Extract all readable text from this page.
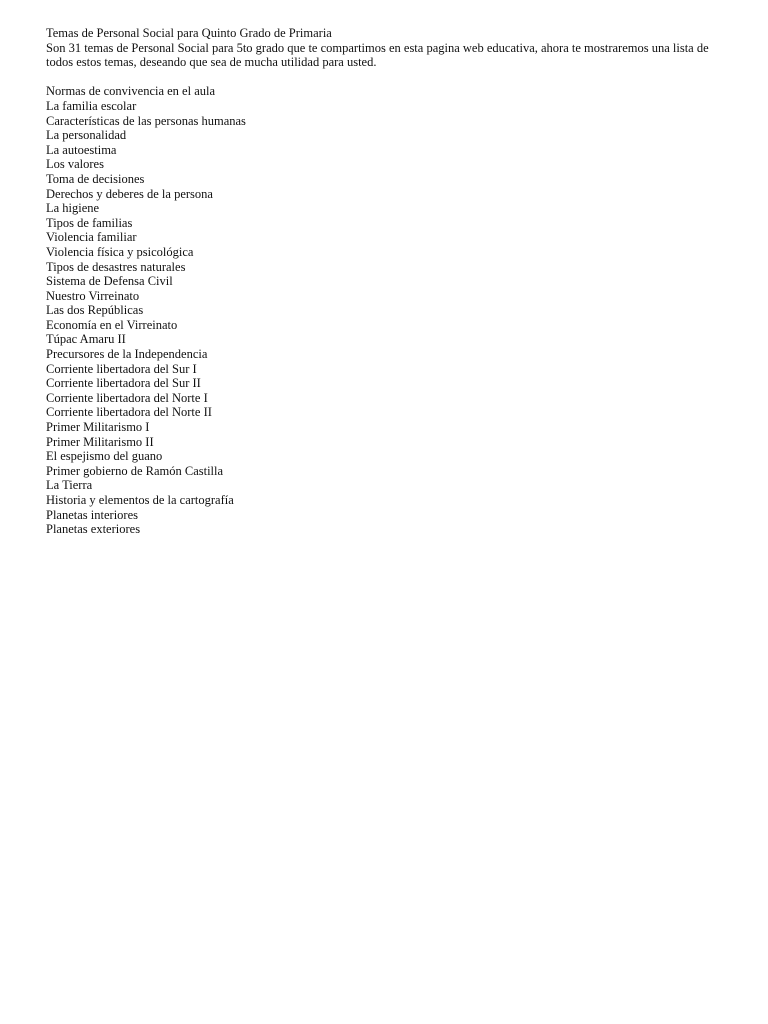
Temas de Personal Social para Quinto Grado de Primaria

Son 31 temas de Personal Social para 5to grado que te compartimos en esta pagina web educativa, ahora te mostraremos una lista de todos estos temas, deseando que sea de mucha utilidad para usted.

Normas de convivencia en el aula
La familia escolar
Características de las personas humanas
La personalidad
La autoestima
Los valores
Toma de decisiones
Derechos y deberes de la persona
La higiene
Tipos de familias
Violencia familiar
Violencia física y psicológica
Tipos de desastres naturales
Sistema de Defensa Civil
Nuestro Virreinato
Las dos Repúblicas
Economía en el Virreinato
Túpac Amaru II
Precursores de la Independencia
Corriente libertadora del Sur I
Corriente libertadora del Sur II
Corriente libertadora del Norte I
Corriente libertadora del Norte II
Primer Militarismo I
Primer Militarismo II
El espejismo del guano
Primer gobierno de Ramón Castilla
La Tierra
Historia y elementos de la cartografía
Planetas interiores
Planetas exteriores
